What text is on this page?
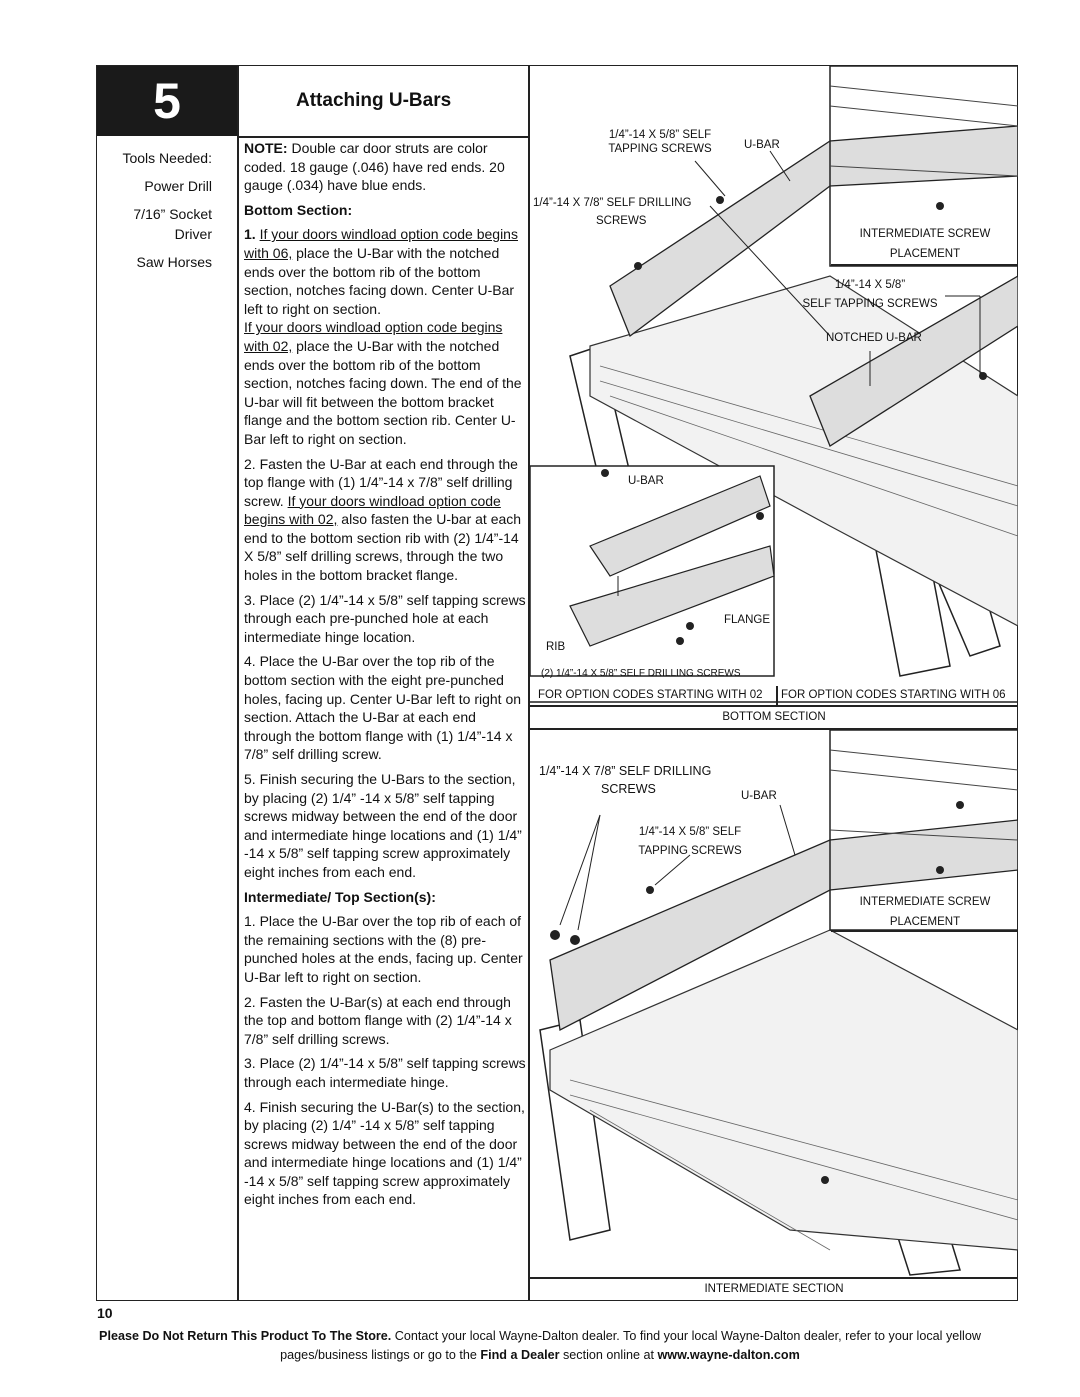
5	Attaching U-Bars
Tools Needed:
Power Drill
7/16” Socket Driver
Saw Horses

NOTE: Double car door struts are color coded. 18 gauge (.046) have red ends. 20 gauge (.034) have blue ends.

Bottom Section:

1. If your doors windload option code begins with 06, place the U-Bar with the notched ends over the bottom rib of the bottom section, notches facing down. Center U-Bar left to right on section.
If your doors windload option code begins with 02, place the U-Bar with the notched ends over the bottom rib of the bottom section, notches facing down. The end of the U-bar will fit between the bottom bracket flange and the bottom section rib. Center U-Bar left to right on section.

2. Fasten the U-Bar at each end through the top flange with (1) 1/4”-14 x 7/8” self drilling screw. If your doors windload option code begins with 02, also fasten the U-bar at each end to the bottom section rib with (2) 1/4”-14 X 5/8” self drilling screws, through the two holes in the bottom bracket flange.

3. Place (2) 1/4”-14 x 5/8” self tapping screws through each pre-punched hole at each intermediate hinge location.

4. Place the U-Bar over the top rib of the bottom section with the eight pre-punched holes, facing up. Center U-Bar left to right on section. Attach the U-Bar at each end through the bottom flange with (1) 1/4”-14 x 7/8” self drilling screw.

5. Finish securing the U-Bars to the section, by placing (2) 1/4” -14 x 5/8” self tapping screws midway between the end of the door and intermediate hinge locations and (1) 1/4” -14 x 5/8” self tapping screw approximately eight inches from each end.

Intermediate/ Top Section(s):

1. Place the U-Bar over the top rib of each of the remaining sections with the (8) pre-punched holes at the ends, facing up. Center U-Bar left to right on section.

2. Fasten the U-Bar(s) at each end through the top and bottom flange with (2) 1/4”-14 x 7/8” self drilling screws.

3. Place (2) 1/4”-14 x 5/8” self tapping screws through each intermediate hinge.

4. Finish securing the U-Bar(s) to the section, by placing (2) 1/4” -14 x 5/8” self tapping screws midway between the end of the door and intermediate hinge locations and (1) 1/4” -14 x 5/8” self tapping screw approximately eight inches from each end.

1/4”-14 X 5/8” SELF
TAPPING SCREWS	U-BAR
1/4”-14 X 7/8” SELF DRILLING
SCREWS
INTERMEDIATE SCREW
PLACEMENT
1/4”-14 X 5/8”
SELF TAPPING SCREWS
NOTCHED U-BAR
U-BAR
FLANGE
RIB
(2) 1/4”-14 X 5/8” SELF DRILLING SCREWS
FOR OPTION CODES STARTING WITH 02 FOR OPTION CODES STARTING WITH 06
BOTTOM SECTION
1/4”-14 X 7/8” SELF DRILLING
SCREWS	U-BAR
1/4”-14 X 5/8” SELF
TAPPING SCREWS
INTERMEDIATE SCREW
PLACEMENT
INTERMEDIATE SECTION
10
Please Do Not Return This Product To The Store. Contact your local Wayne-Dalton dealer. To find your local Wayne-Dalton dealer, refer to your local yellow pages/business listings or go to the Find a Dealer section online at www.wayne-dalton.com
